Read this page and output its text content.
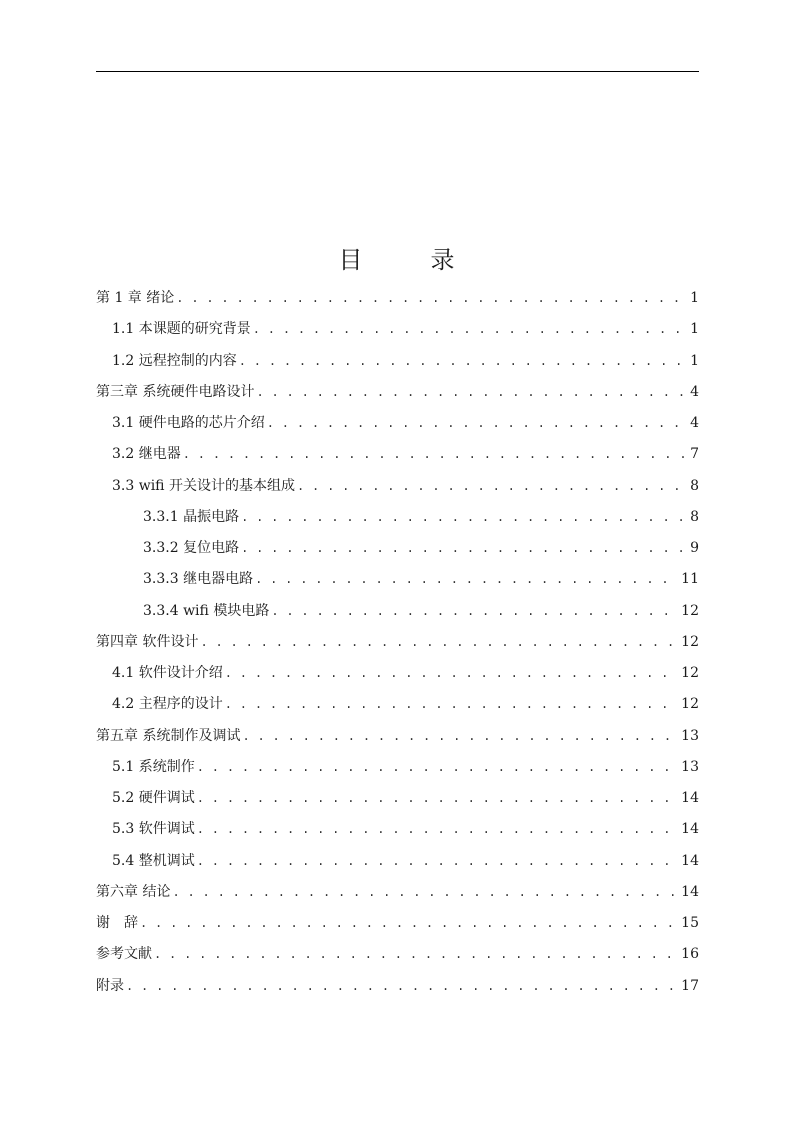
目　录
第 1 章 绪论 . . .	1
1.1 本课题的研究背景 . . .	1
1.2 远程控制的内容 . . .	1
第三章 系统硬件电路设计 . . .	4
3.1 硬件电路的芯片介绍 . . .	4
3.2 继电器 . . .	7
3.3 wifi 开关设计的基本组成 . . .	8
3.3.1 晶振电路 . . .	8
3.3.2 复位电路 . . .	9
3.3.3 继电器电路 . . .	11
3.3.4 wifi 模块电路 . . .	12
第四章 软件设计 . . .	12
4.1 软件设计介绍 . . .	12
4.2 主程序的设计 . . .	12
第五章 系统制作及调试 . . .	13
5.1 系统制作 . . .	13
5.2 硬件调试 . . .	14
5.3 软件调试 . . .	14
5.4 整机调试 . . .	14
第六章 结论 . . .	14
谢　辞 . . .	15
参考文献 . . .	16
附录 . . .	17
